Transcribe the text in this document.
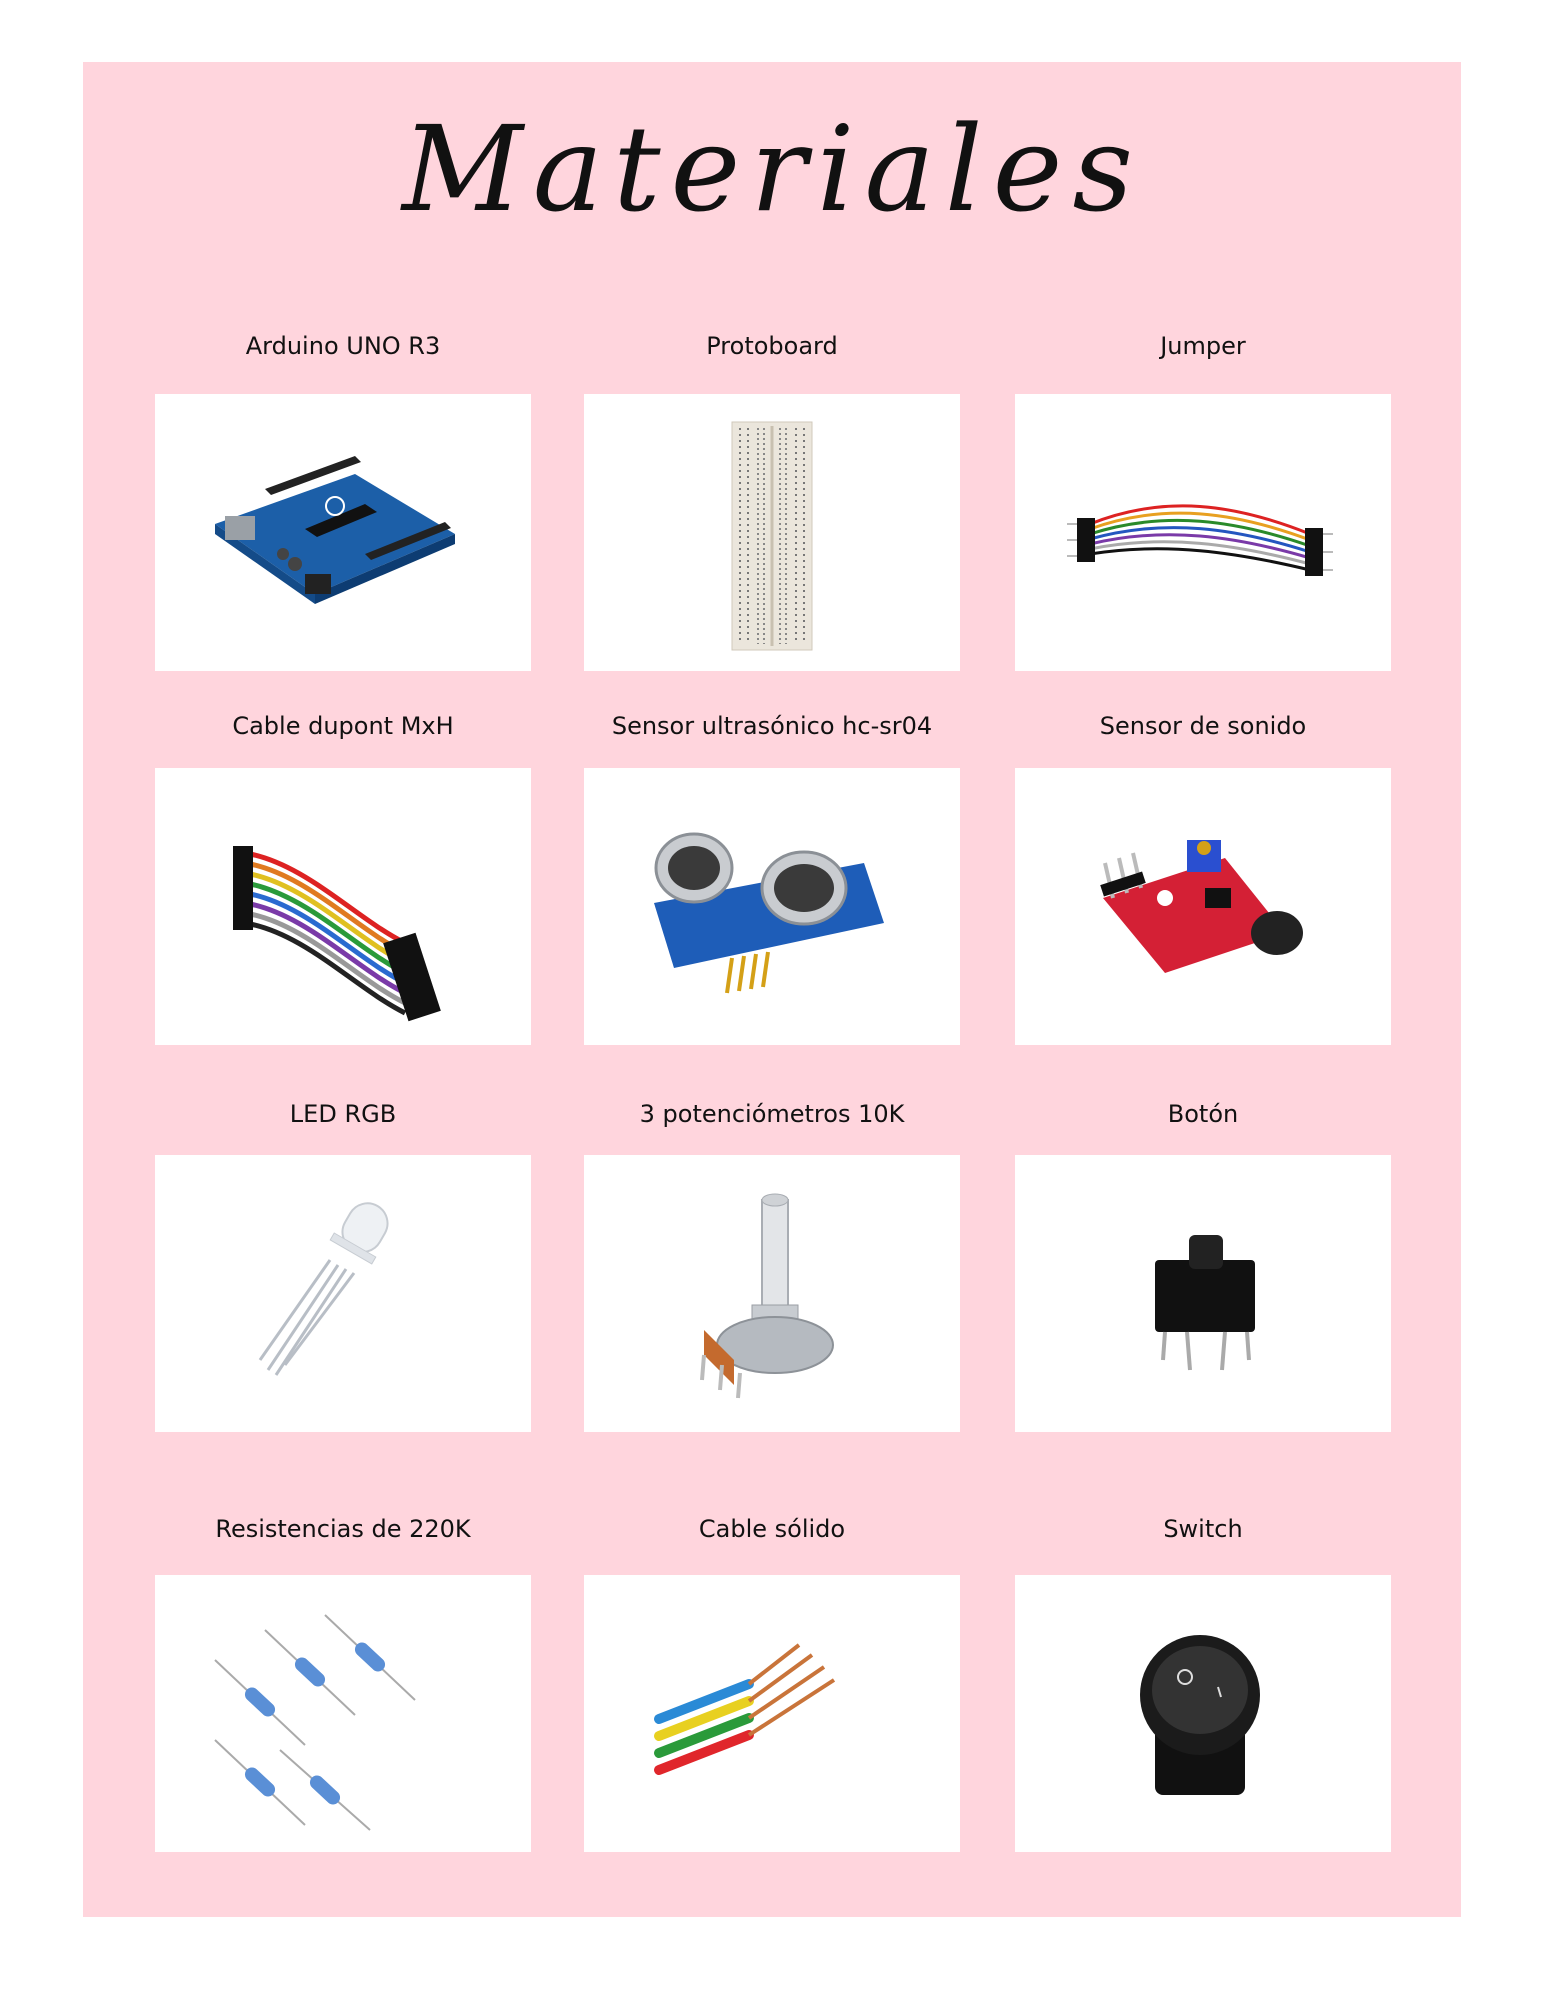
Materiales
Arduino UNO R3	Protoboard	Jumper
Cable dupont MxH	Sensor ultrasónico hc-sr04	Sensor de sonido
LED RGB	3 potenciómetros 10K	Botón
Resistencias de 220K	Cable sólido	Switch
